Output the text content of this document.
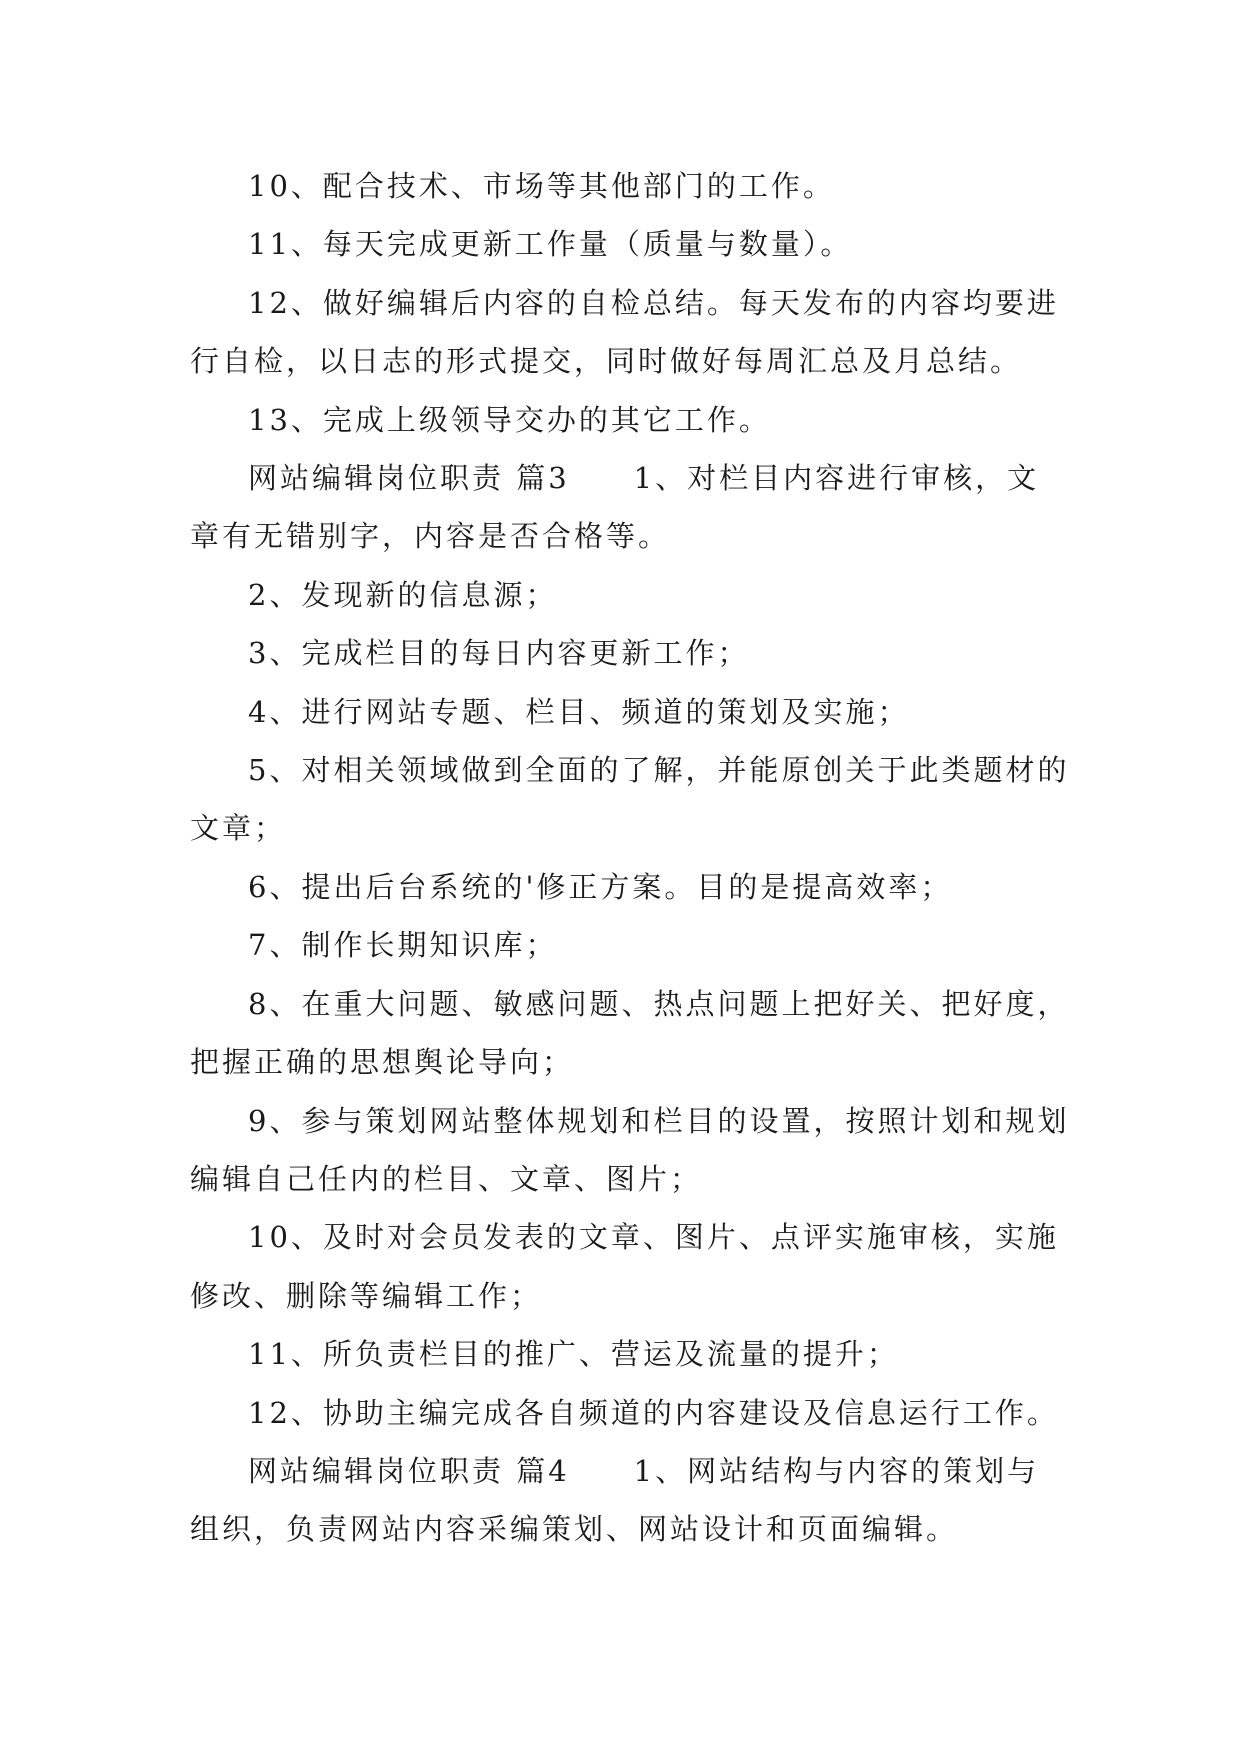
10、配合技术、市场等其他部门的工作。

11、每天完成更新工作量（质量与数量）。

12、做好编辑后内容的自检总结。每天发布的内容均要进行自检，以日志的形式提交，同时做好每周汇总及月总结。

13、完成上级领导交办的其它工作。

网站编辑岗位职责 篇3　　1、对栏目内容进行审核，文章有无错别字，内容是否合格等。

2、发现新的信息源；

3、完成栏目的每日内容更新工作；

4、进行网站专题、栏目、频道的策划及实施；

5、对相关领域做到全面的了解，并能原创关于此类题材的文章；

6、提出后台系统的'修正方案。目的是提高效率；

7、制作长期知识库；

8、在重大问题、敏感问题、热点问题上把好关、把好度，把握正确的思想舆论导向；

9、参与策划网站整体规划和栏目的设置，按照计划和规划编辑自己任内的栏目、文章、图片；

10、及时对会员发表的文章、图片、点评实施审核，实施修改、删除等编辑工作；

11、所负责栏目的推广、营运及流量的提升；

12、协助主编完成各自频道的内容建设及信息运行工作。

网站编辑岗位职责 篇4　　1、网站结构与内容的策划与组织，负责网站内容采编策划、网站设计和页面编辑。
